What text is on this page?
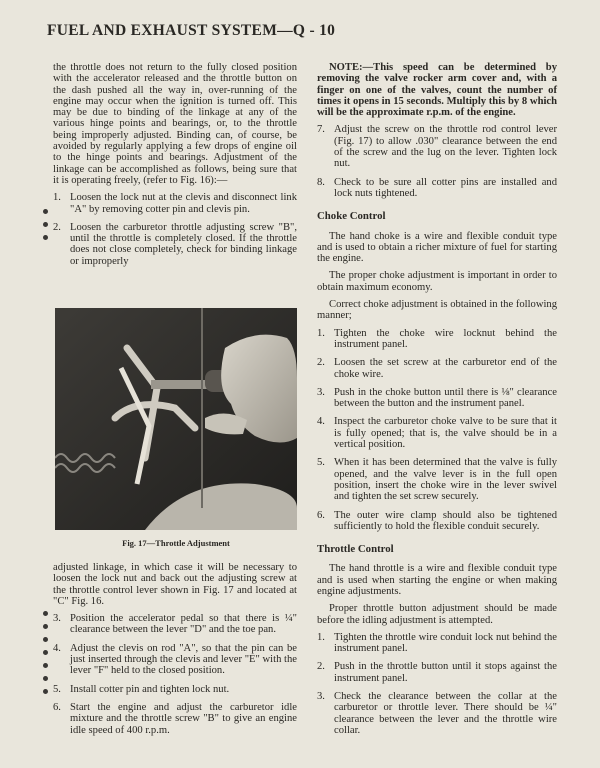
FUEL AND EXHAUST SYSTEM—Q - 10

the throttle does not return to the fully closed position with the accelerator released and the throttle button on the dash pushed all the way in, over-running of the engine may occur when the ignition is turned off. This may be due to binding of the linkage at any of the various hinge points and bearings, or, to the throttle being improperly adjusted. Binding can, of course, be avoided by regularly applying a few drops of engine oil to the hinge points and bearings. Adjustment of the linkage can be accomplished as follows, being sure that it is operating freely, (refer to Fig. 16):—

1. Loosen the lock nut at the clevis and disconnect link "A" by removing cotter pin and clevis pin.
2. Loosen the carburetor throttle adjusting screw "B", until the throttle is completely closed. If the throttle does not close completely, check for binding linkage or improperly
Fig. 17—Throttle Adjustment

adjusted linkage, in which case it will be necessary to loosen the lock nut and back out the adjusting screw at the throttle control lever shown in Fig. 17 and located at "C" Fig. 16.

3. Position the accelerator pedal so that there is ¼" clearance between the lever "D" and the toe pan.
4. Adjust the clevis on rod "A", so that the pin can be just inserted through the clevis and lever "E" with the lever "F" held to the closed position.
5. Install cotter pin and tighten lock nut.
6. Start the engine and adjust the carburetor idle mixture and the throttle screw "B" to give an engine idle speed of 400 r.p.m.

NOTE:—This speed can be determined by removing the valve rocker arm cover and, with a finger on one of the valves, count the number of times it opens in 15 seconds. Multiply this by 8 which will be the approximate r.p.m. of the engine.

7. Adjust the screw on the throttle rod control lever (Fig. 17) to allow .030" clearance between the end of the screw and the lug on the lever. Tighten lock nut.
8. Check to be sure all cotter pins are installed and lock nuts tightened.
Choke Control

The hand choke is a wire and flexible conduit type and is used to obtain a richer mixture of fuel for starting the engine.

The proper choke adjustment is important in order to obtain maximum economy.

Correct choke adjustment is obtained in the following manner;

1. Tighten the choke wire locknut behind the instrument panel.
2. Loosen the set screw at the carburetor end of the choke wire.
3. Push in the choke button until there is ⅛" clearance between the button and the instrument panel.
4. Inspect the carburetor choke valve to be sure that it is fully opened; that is, the valve should be in a vertical position.
5. When it has been determined that the valve is fully opened, and the valve lever is in the full open position, insert the choke wire in the lever swivel and tighten the set screw securely.
6. The outer wire clamp should also be tightened sufficiently to hold the flexible conduit securely.
Throttle Control

The hand throttle is a wire and flexible conduit type and is used when starting the engine or when making engine adjustments.

Proper throttle button adjustment should be made before the idling adjustment is attempted.

1. Tighten the throttle wire conduit lock nut behind the instrument panel.
2. Push in the throttle button until it stops against the instrument panel.
3. Check the clearance between the collar at the carburetor or throttle lever. There should be ¼" clearance between the lever and the throttle wire collar.
